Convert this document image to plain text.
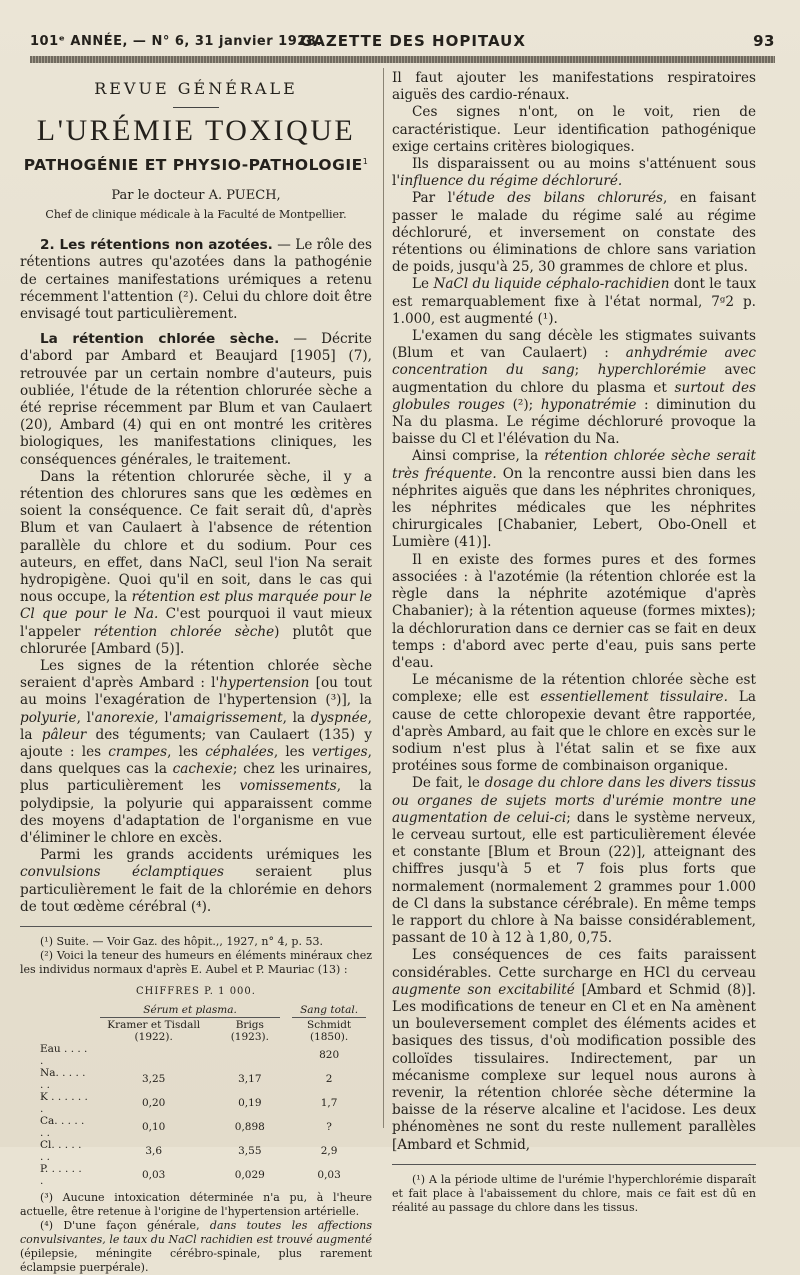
101ᵉ ANNÉE, — N° 6, 31 janvier 1928.
GAZETTE DES HOPITAUX	93
REVUE GÉNÉRALE
L'URÉMIE TOXIQUE
PATHOGÉNIE ET PHYSIO-PATHOLOGIE$^1$
Par le docteur A. PUECH,
Chef de clinique médicale à la Faculté de Montpellier.

2. Les rétentions non azotées. — Le rôle des rétentions autres qu'azotées dans la pathogénie de certaines manifestations urémiques a retenu récemment l'attention (²). Celui du chlore doit être envisagé tout particulièrement.

La rétention chlorée sèche. — Décrite d'abord par Ambard et Beaujard [1905] (7), retrouvée par un certain nombre d'auteurs, puis oubliée, l'étude de la rétention chlorurée sèche a été reprise récemment par Blum et van Caulaert (20), Ambard (4) qui en ont montré les critères biologiques, les manifestations cliniques, les conséquences générales, le traitement.

Dans la rétention chlorurée sèche, il y a rétention des chlorures sans que les œdèmes en soient la conséquence. Ce fait serait dû, d'après Blum et van Caulaert à l'absence de rétention parallèle du chlore et du sodium. Pour ces auteurs, en effet, dans NaCl, seul l'ion Na serait hydropigène. Quoi qu'il en soit, dans le cas qui nous occupe, la rétention est plus marquée pour le Cl que pour le Na. C'est pourquoi il vaut mieux l'appeler rétention chlorée sèche) plutôt que chlorurée [Ambard (5)].

Les signes de la rétention chlorée sèche seraient d'après Ambard : l'hypertension [ou tout au moins l'exagération de l'hypertension (³)], la polyurie, l'anorexie, l'amaigrissement, la dyspnée, la pâleur des téguments; van Caulaert (135) y ajoute : les crampes, les céphalées, les vertiges, dans quelques cas la cachexie; chez les urinaires, plus particulièrement les vomissements, la polydipsie, la polyurie qui apparaissent comme des moyens d'adaptation de l'organisme en vue d'éliminer le chlore en excès.

Parmi les grands accidents urémiques les convulsions éclamptiques seraient plus particulièrement le fait de la chlorémie en dehors de tout œdème cérébral (⁴).

(¹) Suite. — Voir Gaz. des hôpit.,, 1927, n° 4, p. 53.

(²) Voici la teneur des humeurs en éléments minéraux chez les individus normaux d'après E. Aubel et P. Mauriac (13) :

CHIFFRES P. 1 000.
	Sérum et plasma.		Sang total.

	Kramer et Tisdall (1922).	Brigs (1923).	Schmidt (1850).
Eau . . . . .			820
Na. . . . . . .	3,25	3,17	2
K . . . . . . .	0,20	0,19	1,7
Ca. . . . . . .	0,10	0,898	?
Cl. . . . . . .	3,6	3,55	2,9
P. . . . . . .	0,03	0,029	0,03

(³) Aucune intoxication déterminée n'a pu, à l'heure actuelle, être retenue à l'origine de l'hypertension artérielle.

(⁴) D'une façon générale, dans toutes les affections convulsivantes, le taux du NaCl rachidien est trouvé augmenté (épilepsie, méningite cérébro-spinale, plus rarement éclampsie puerpérale).

Il faut ajouter les manifestations respiratoires aiguës des cardio-rénaux.

Ces signes n'ont, on le voit, rien de caractéristique. Leur identification pathogénique exige certains critères biologiques.

Ils disparaissent ou au moins s'atténuent sous l'influence du régime déchloruré.

Par l'étude des bilans chlorurés, en faisant passer le malade du régime salé au régime déchloruré, et inversement on constate des rétentions ou éliminations de chlore sans variation de poids, jusqu'à 25, 30 grammes de chlore et plus.

Le NaCl du liquide céphalo-rachidien dont le taux est remarquablement fixe à l'état normal, 7ᵍ2 p. 1.000, est augmenté (¹).

L'examen du sang décèle les stigmates suivants (Blum et van Caulaert) : anhydrémie avec concentration du sang; hyperchlorémie avec augmentation du chlore du plasma et surtout des globules rouges (²); hyponatrémie : diminution du Na du plasma. Le régime déchloruré provoque la baisse du Cl et l'élévation du Na.

Ainsi comprise, la rétention chlorée sèche serait très fréquente. On la rencontre aussi bien dans les néphrites aiguës que dans les néphrites chroniques, les néphrites médicales que les néphrites chirurgicales [Chabanier, Lebert, Obo-Onell et Lumière (41)].

Il en existe des formes pures et des formes associées : à l'azotémie (la rétention chlorée est la règle dans la néphrite azotémique d'après Chabanier); à la rétention aqueuse (formes mixtes); la déchloruration dans ce dernier cas se fait en deux temps : d'abord avec perte d'eau, puis sans perte d'eau.

Le mécanisme de la rétention chlorée sèche est complexe; elle est essentiellement tissulaire. La cause de cette chloropexie devant être rapportée, d'après Ambard, au fait que le chlore en excès sur le sodium n'est plus à l'état salin et se fixe aux protéines sous forme de combinaison organique.

De fait, le dosage du chlore dans les divers tissus ou organes de sujets morts d'urémie montre une augmentation de celui-ci; dans le système nerveux, le cerveau surtout, elle est particulièrement élevée et constante [Blum et Broun (22)], atteignant des chiffres jusqu'à 5 et 7 fois plus forts que normalement (normalement 2 grammes pour 1.000 de Cl dans la substance cérébrale). En même temps le rapport du chlore à Na baisse considérablement, passant de 10 à 12 à 1,80, 0,75.

Les conséquences de ces faits paraissent considérables. Cette surcharge en HCl du cerveau augmente son excitabilité [Ambard et Schmid (8)]. Les modifications de teneur en Cl et en Na amènent un bouleversement complet des éléments acides et basiques des tissus, d'où modification possible des colloïdes tissulaires. Indirectement, par un mécanisme complexe sur lequel nous aurons à revenir, la rétention chlorée sèche détermine la baisse de la réserve alcaline et l'acidose. Les deux phénomènes ne sont du reste nullement parallèles [Ambard et Schmid,

(¹) A la période ultime de l'urémie l'hyperchlorémie disparaît et fait place à l'abaissement du chlore, mais ce fait est dû en réalité au passage du chlore dans les tissus.
